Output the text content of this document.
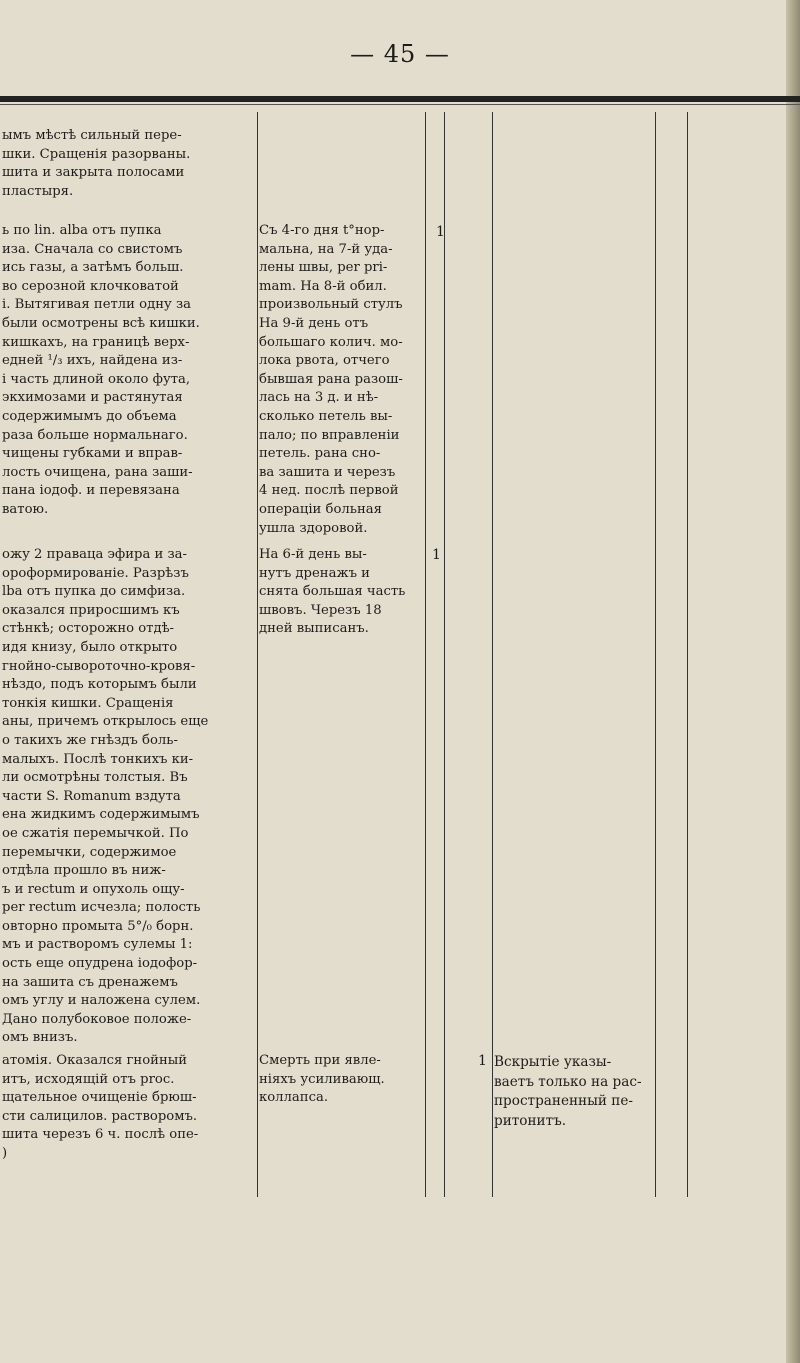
— 45 —
ымъ мѣстѣ сильный пере-
шки. Сращенія разорваны.
шита и закрыта полосами
пластыря.
ь по lin. alba отъ пупка
иза. Сначала со свистомъ
ись газы, а затѣмъ больш.
во серозной клочковатой
і. Вытягивая петли одну за
были осмотрены всѣ кишки.
кишкахъ, на границѣ верх-
едней ¹/₃ ихъ, найдена из-
і часть длиной около фута,
экхимозами и растянутая
содержимымъ до объема
раза больше нормальнаго.
чищены губками и вправ-
лость очищена, рана заши-
пана іодоф. и перевязана
ватою.
Съ 4-го дня t°нор-
мальна, на 7-й уда-
лены швы, per pri-
mam. На 8-й обил.
произвольный стулъ
На 9-й день отъ
большаго колич. мо-
лока рвота, отчего
бывшая рана разош-
лась на 3 д. и нѣ-
сколько петель вы-
пало; по вправленіи
петель. рана сно-
ва зашита и черезъ
4 нед. послѣ первой
операціи больная
ушла здоровой.
1
ожу 2 праваца эфира и за-
орoформированіе. Разрѣзъ
lba отъ пупка до симфиза.
оказался приросшимъ къ
стѣнкѣ; осторожно отдѣ-
идя книзу, было открыто
гнойно-сывороточно-кровя-
нѣздо, подъ которымъ были
тонкія кишки. Сращенія
аны, причемъ открылось еще
о такихъ же гнѣздъ боль-
малыхъ. Послѣ тонкихъ ки-
ли осмотрѣны толстыя. Въ
части S. Romanum вздута
ена жидкимъ содержимымъ
ое сжатія перемычкой. По
перемычки, содержимое
отдѣла прошло въ ниж-
ъ и rectum и опухоль ощу-
per rectum исчезла; полость
овторно промыта 5°/₀ борн.
мъ и растворомъ сулемы 1:
ость еще опудрена іодофор-
на зашита съ дренажемъ
омъ углу и наложена сулем.
Дано полубоковое положе-
омъ внизъ.
На 6-й день вы-
нутъ дренажъ и
снята большая часть
швовъ. Черезъ 18
дней выписанъ.
1
атомія. Оказался гнойный
итъ, исходящій отъ prос.
щательное очищеніе брюш-
сти салицилов. растворомъ.
шита черезъ 6 ч. послѣ опе-
)
Смерть при явле-
ніяхъ усиливающ.
коллапса.
1 Вскрытіе указы-
ваетъ только на рас-
пространенный пе-
ритонитъ.
